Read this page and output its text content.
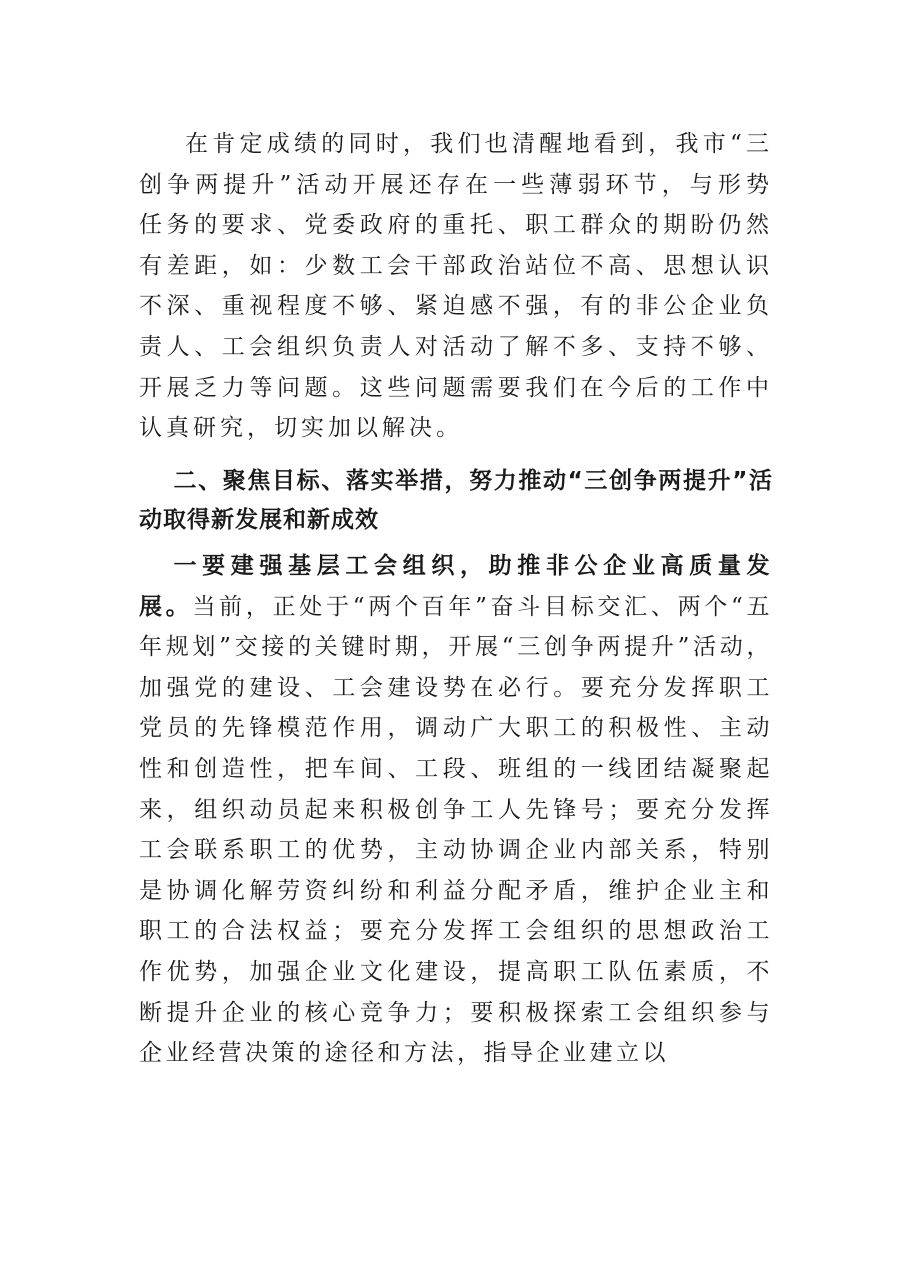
在肯定成绩的同时，我们也清醒地看到，我市“三创争两提升”活动开展还存在一些薄弱环节，与形势任务的要求、党委政府的重托、职工群众的期盼仍然有差距，如：少数工会干部政治站位不高、思想认识不深、重视程度不够、紧迫感不强，有的非公企业负责人、工会组织负责人对活动了解不多、支持不够、开展乏力等问题。这些问题需要我们在今后的工作中认真研究，切实加以解决。
二、聚焦目标、落实举措，努力推动“三创争两提升”活动取得新发展和新成效
一要建强基层工会组织，助推非公企业高质量发展。当前，正处于“两个百年”奋斗目标交汇、两个“五年规划”交接的关键时期，开展“三创争两提升”活动，加强党的建设、工会建设势在必行。要充分发挥职工党员的先锋模范作用，调动广大职工的积极性、主动性和创造性，把车间、工段、班组的一线团结凝聚起来，组织动员起来积极创争工人先锋号；要充分发挥工会联系职工的优势，主动协调企业内部关系，特别是协调化解劳资纠纷和利益分配矛盾，维护企业主和职工的合法权益；要充分发挥工会组织的思想政治工作优势，加强企业文化建设，提高职工队伍素质，不断提升企业的核心竞争力；要积极探索工会组织参与企业经营决策的途径和方法，指导企业建立以
